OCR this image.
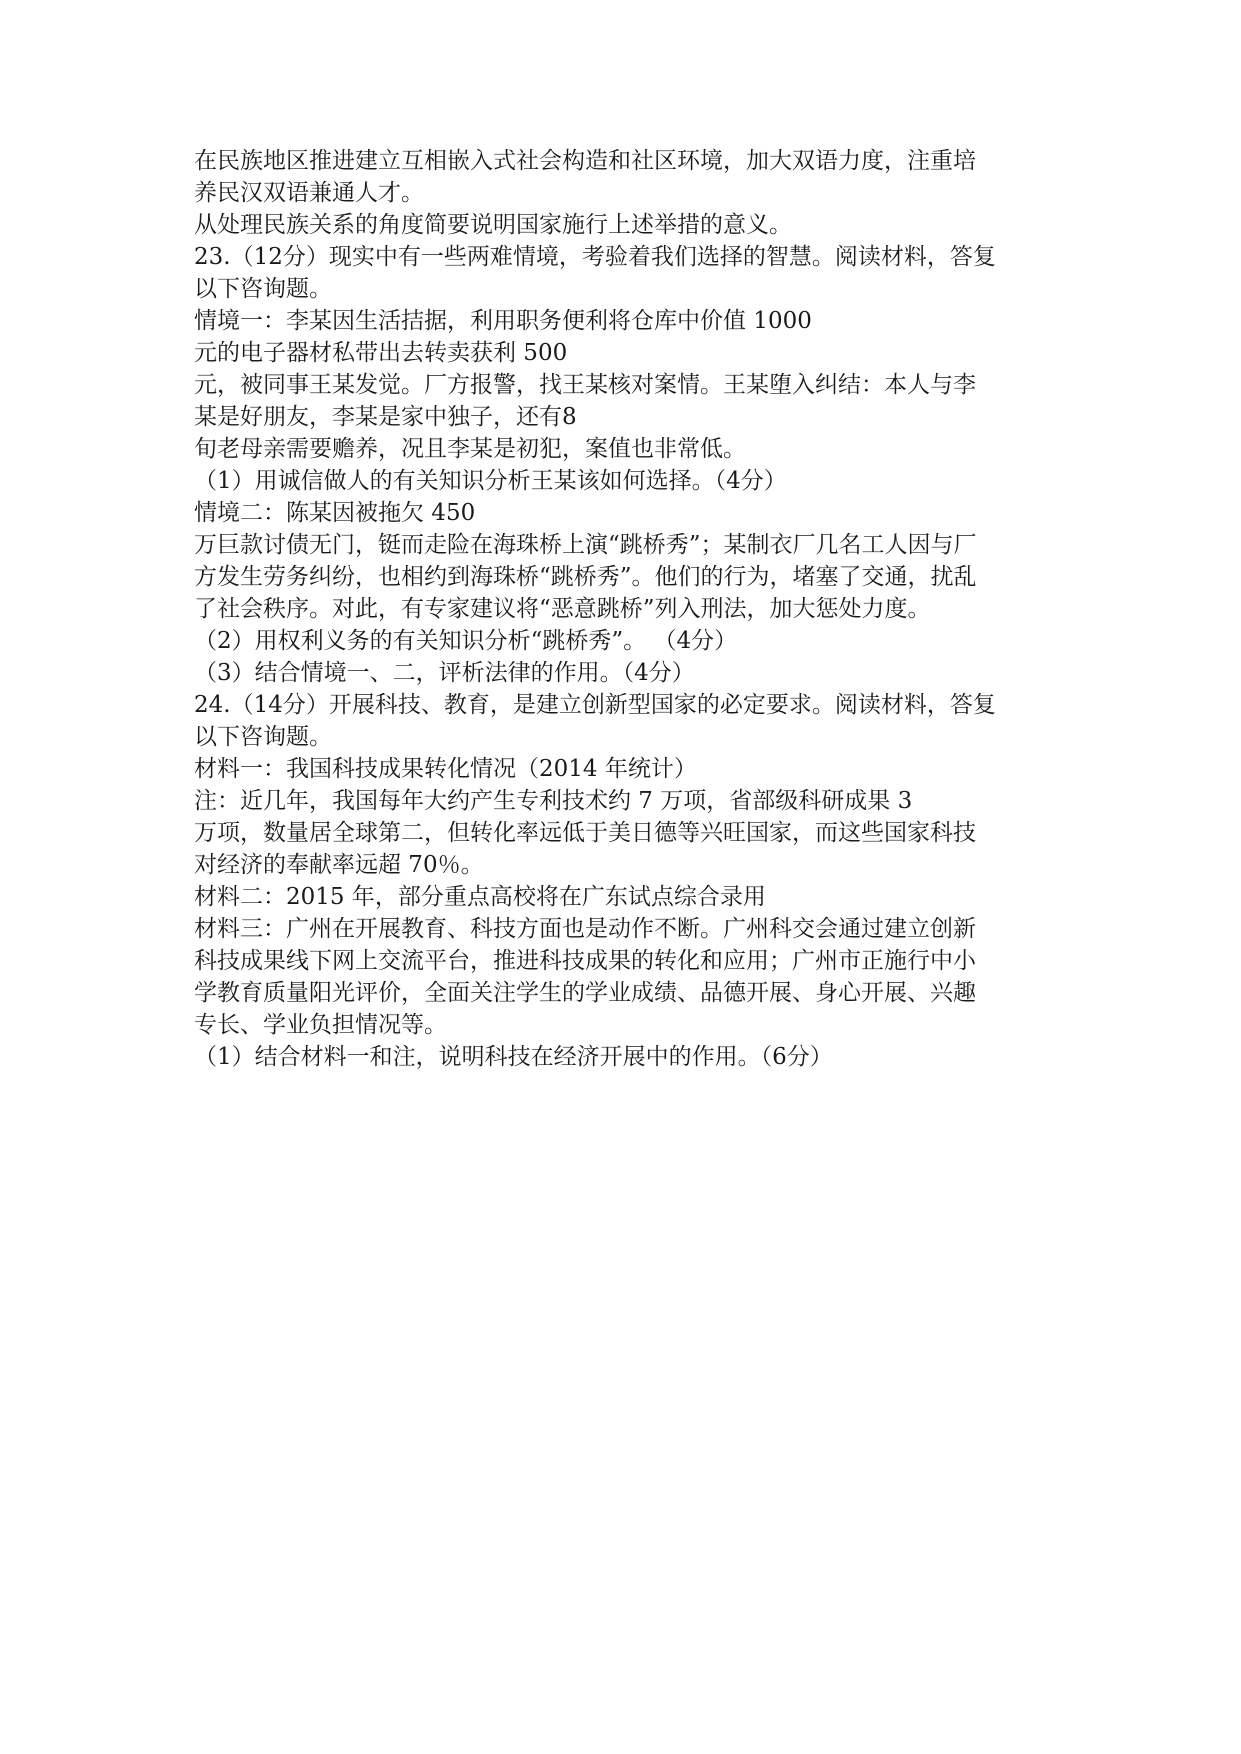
在民族地区推进建立互相嵌入式社会构造和社区环境，加大双语力度，注重培
养民汉双语兼通人才。
从处理民族关系的角度简要说明国家施行上述举措的意义。
23.（12分）现实中有一些两难情境，考验着我们选择的智慧。阅读材料，答复
以下咨询题。
情境一：李某因生活拮据，利用职务便利将仓库中价值 1000
元的电子器材私带出去转卖获利 500
元，被同事王某发觉。厂方报警，找王某核对案情。王某堕入纠结：本人与李
某是好朋友，李某是家中独子，还有8
旬老母亲需要赡养，况且李某是初犯，案值也非常低。
（1）用诚信做人的有关知识分析王某该如何选择。（4分）
情境二：陈某因被拖欠 450
万巨款讨债无门，铤而走险在海珠桥上演“跳桥秀”；某制衣厂几名工人因与厂
方发生劳务纠纷，也相约到海珠桥“跳桥秀”。他们的行为，堵塞了交通，扰乱
了社会秩序。对此，有专家建议将“恶意跳桥”列入刑法，加大惩处力度。
（2）用权利义务的有关知识分析“跳桥秀”。 （4分）
（3）结合情境一、二，评析法律的作用。（4分）
24.（14分）开展科技、教育，是建立创新型国家的必定要求。阅读材料，答复
以下咨询题。
材料一：我国科技成果转化情况（2014 年统计）
注：近几年，我国每年大约产生专利技术约 7 万项，省部级科研成果 3
万项，数量居全球第二，但转化率远低于美日德等兴旺国家，而这些国家科技
对经济的奉献率远超 70％。
材料二：2015 年，部分重点高校将在广东试点综合录用
材料三：广州在开展教育、科技方面也是动作不断。广州科交会通过建立创新
科技成果线下网上交流平台，推进科技成果的转化和应用；广州市正施行中小
学教育质量阳光评价，全面关注学生的学业成绩、品德开展、身心开展、兴趣
专长、学业负担情况等。
（1）结合材料一和注，说明科技在经济开展中的作用。（6分）
